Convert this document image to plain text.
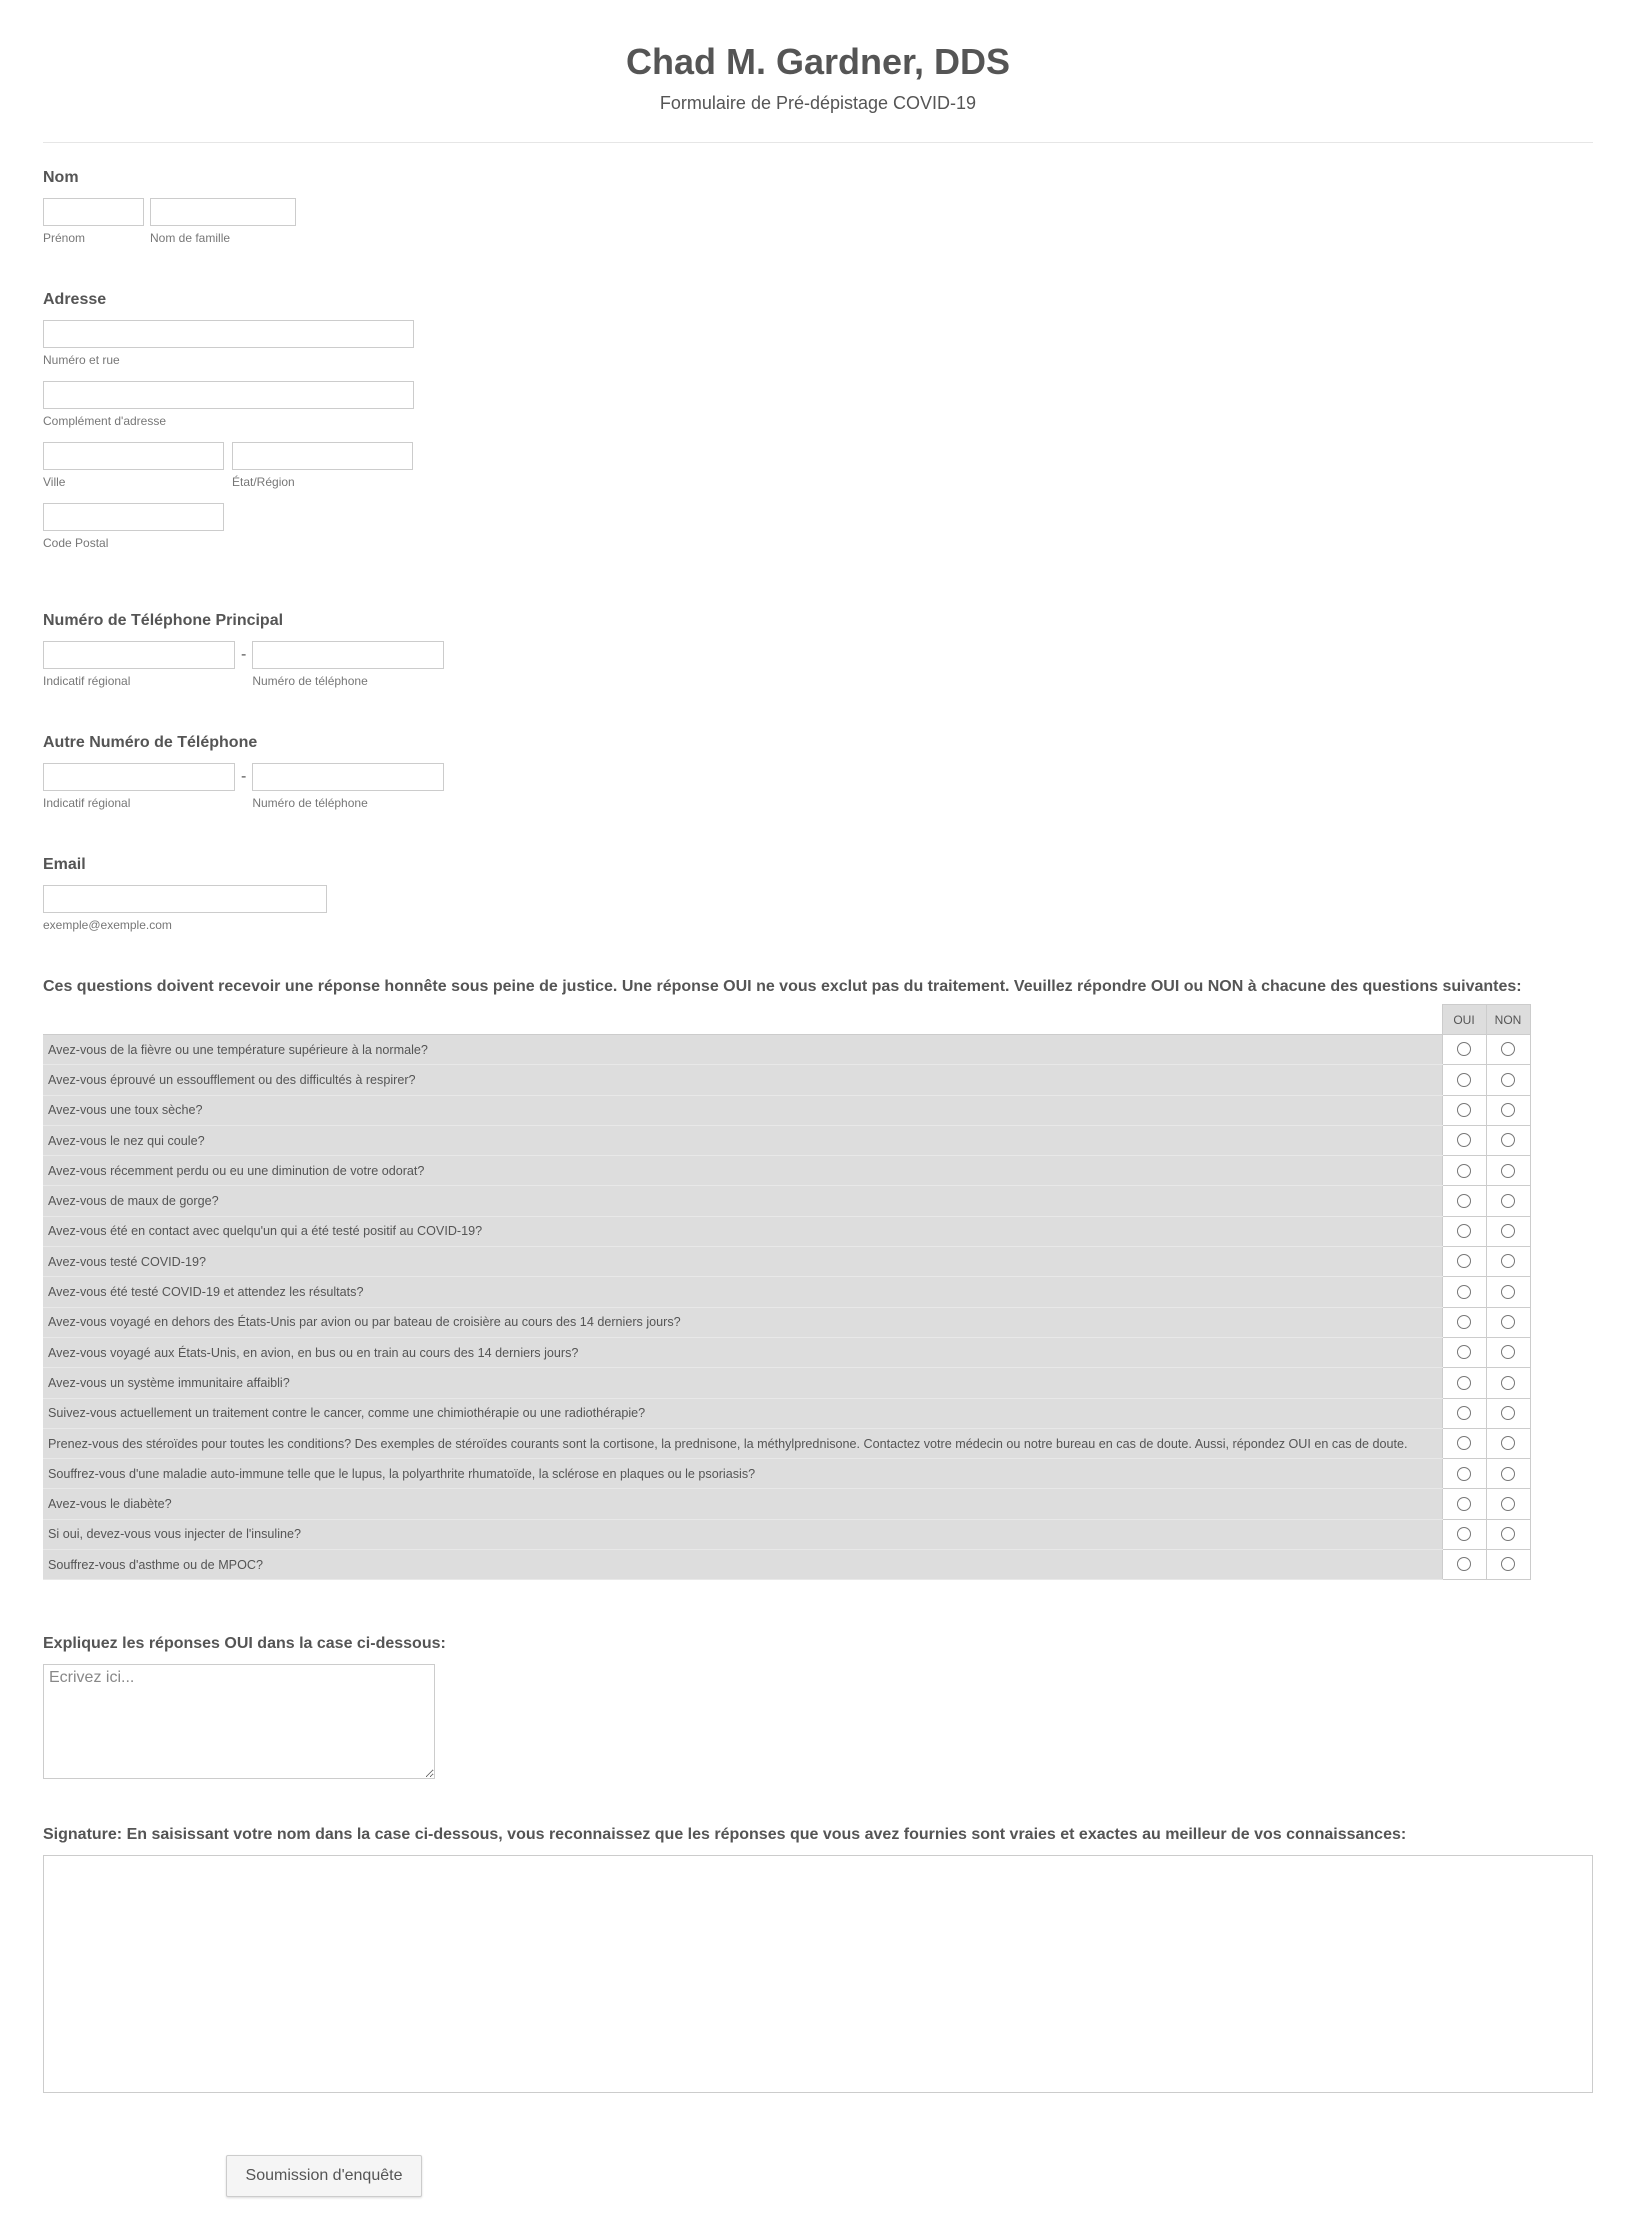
Chad M. Gardner, DDS
Formulaire de Pré-dépistage COVID-19
Nom
Prénom	Nom de famille
Adresse
Numéro et rue
Complément d'adresse
Ville	État/Région
Code Postal
Numéro de Téléphone Principal
Indicatif régional
-
Numéro de téléphone
Autre Numéro de Téléphone
Indicatif régional
-
Numéro de téléphone
Email
exemple@exemple.com
Ces questions doivent recevoir une réponse honnête sous peine de justice. Une réponse OUI ne vous exclut pas du traitement. Veuillez répondre OUI ou NON à chacune des questions suivantes:
	OUI	NON
Avez-vous de la fièvre ou une température supérieure à la normale?		
Avez-vous éprouvé un essoufflement ou des difficultés à respirer?		
Avez-vous une toux sèche?		
Avez-vous le nez qui coule?		
Avez-vous récemment perdu ou eu une diminution de votre odorat?		
Avez-vous de maux de gorge?		
Avez-vous été en contact avec quelqu'un qui a été testé positif au COVID-19?		
Avez-vous testé COVID-19?		
Avez-vous été testé COVID-19 et attendez les résultats?		
Avez-vous voyagé en dehors des États-Unis par avion ou par bateau de croisière au cours des 14 derniers jours?		
Avez-vous voyagé aux États-Unis, en avion, en bus ou en train au cours des 14 derniers jours?		
Avez-vous un système immunitaire affaibli?		
Suivez-vous actuellement un traitement contre le cancer, comme une chimiothérapie ou une radiothérapie?		
Prenez-vous des stéroïdes pour toutes les conditions? Des exemples de stéroïdes courants sont la cortisone, la prednisone, la méthylprednisone. Contactez votre médecin ou notre bureau en cas de doute. Aussi, répondez OUI en cas de doute.		
Souffrez-vous d'une maladie auto-immune telle que le lupus, la polyarthrite rhumatoïde, la sclérose en plaques ou le psoriasis?		
Avez-vous le diabète?		
Si oui, devez-vous vous injecter de l'insuline?		
Souffrez-vous d'asthme ou de MPOC?		
Expliquez les réponses OUI dans la case ci-dessous:
Ecrivez ici...
Signature: En saisissant votre nom dans la case ci-dessous, vous reconnaissez que les réponses que vous avez fournies sont vraies et exactes au meilleur de vos connaissances:
Soumission d'enquête
